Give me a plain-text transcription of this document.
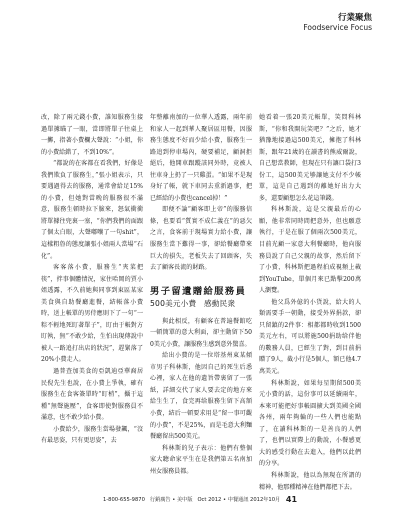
行業聚焦
Foodservice Focus

改，除了兩元錢小費，誰知服務生接過單據瞄了一眼，當即將單子往桌上一擲，指著小費欄大聲說：“小姐，你的小費給錯了，不到10%”。

“都說的在客都在看我們，好像是我們欺負了服務生，”張小姐表示，只要遇過得去的服務，通常會給足15%的小費，但她對當晚的服務很不滿意，服務生頓時拉下臉來，怒氣衝衝將單據往兜裏一塞，“你們我們的面跟了個太白眼，大聲嘟囔了一句shit”，這樣粗魯的態度讓張小姐兩人當場“石化”。

客客落小費，服務生“夾菜把筷”，拌事個體情況，家住哈岡的賈小姐透露，不久前她與同事到東區某家美食與自助餐廳進餐，結帳落小費時，送上帳單的男侍應則下了一句“一粽不輕地死盯著單子”，盯由于帳對方盯執，無“不敢少給，生怕出現傳說中被人一路追打出店的狀況”，趕緊落了20%小費走人。

過普查加美食的亞凱迪亞華裔居民倪先生也說，在小費上爭執，確有服務生在食客簽單時“盯梢”，攝于這種“無聲施壓”，食客即使對服務員不滿意，也不敢少給小費。

小費給少，服務生當場發飆，“沒有最思姿，只有更思姿”，去

年整離南加的一位華人透露，兩年前和家人一起到華人聚居區用餐，因服務生態度不好而少給小費，服務生一路追到停車場內，硬要補足，顧洞拒絕后，他開車跟蹤該同外時，竟被人往車身上扔了一只雞蛋。“如果不是現身好了帳，就下車同去重新過事，把已經給的小費也cancel掉！”

即便不論“顧客即上帝”的服務信條，也要看“質實不成仁義在”的惡欠之言，食客前于現場實力給小費，讓服務生當下難得一事，卻給餐廳帶來巨大的損失，老板失去了回頭客，失去了顧客長流的財路。

男子留遺贈給服務員
500美元小費　感動民衆

與此相反，有顧客在普遍餐館吃一頓簡單的意大利面，卻主動留下500美元小費，讓服務生感到意外驚喜。

給出小費的是一位塔基州東某傾市男子科林斯，他因自己的死生后悉心裡，家人在他的遺旨帶裏留了一張紙，詳細交代了家人要去定的地方來給生生了，食完再给服務生留下高額小費，結后一頓要求用是“留一事可觀的小費”，不是25%，而是毛意大利麵餐廳留出500美元。

科林斯的兒子表示：他們有整個家大聽命家平生在是我們第五名南加州女服務員都。

她看着一張20美元帳單，笑問科林斯，“你和我開玩笑吧？”之后，她才猶豫地接過這500美元，擁抱了科林斯，跟年21歲的在讀書的熊威爾說，自己想當教師，但現在只有讓口袋打3份工，這500美元够讓她支付不少帳單，這是自己遇到的離她好出力大多，還要顧想怎么花這筆錢。

科林斯說，這是父親最后的心願，他非常同時間把意外，但也願意執行，于是在服了個兩次500美元，目前光顧一家意大利餐廳時，他向服務員說了自己父親的故事，然后留下了小費，科林斯把過程拍成視頻上載到YouTube，單個月來已點擊200萬人瀏覽。

他父爲外億的小貨說，給大的人類需要手一朝動，接受外界捐款，卻只留鎮的2件事：相都都時收到1500美元左右，可以將施500捐助给伴他的數務人員，已經生了對，到目前捐贈了9人，截小行是5個人，額已他4.7萬美元。

科林斯說，如果每星期留500美元小費的話，這份事可以延續兩年，本來可能把好事帳圓擴大到美國全國各州，兩年夠輪的一些人們也能點了，在讀科林斯的一是善良的人們了，也們以實際上的動說，小餐感更大的感受行動在去進入，他們以此們的分享。

科林斯說，他以為無現在所謂的精神，他那種精神在他們都把下去。

1-800-655-9870 行銷廣告 • 美中版 Oct 2012 • 中餐通訊 2012年10月 41
